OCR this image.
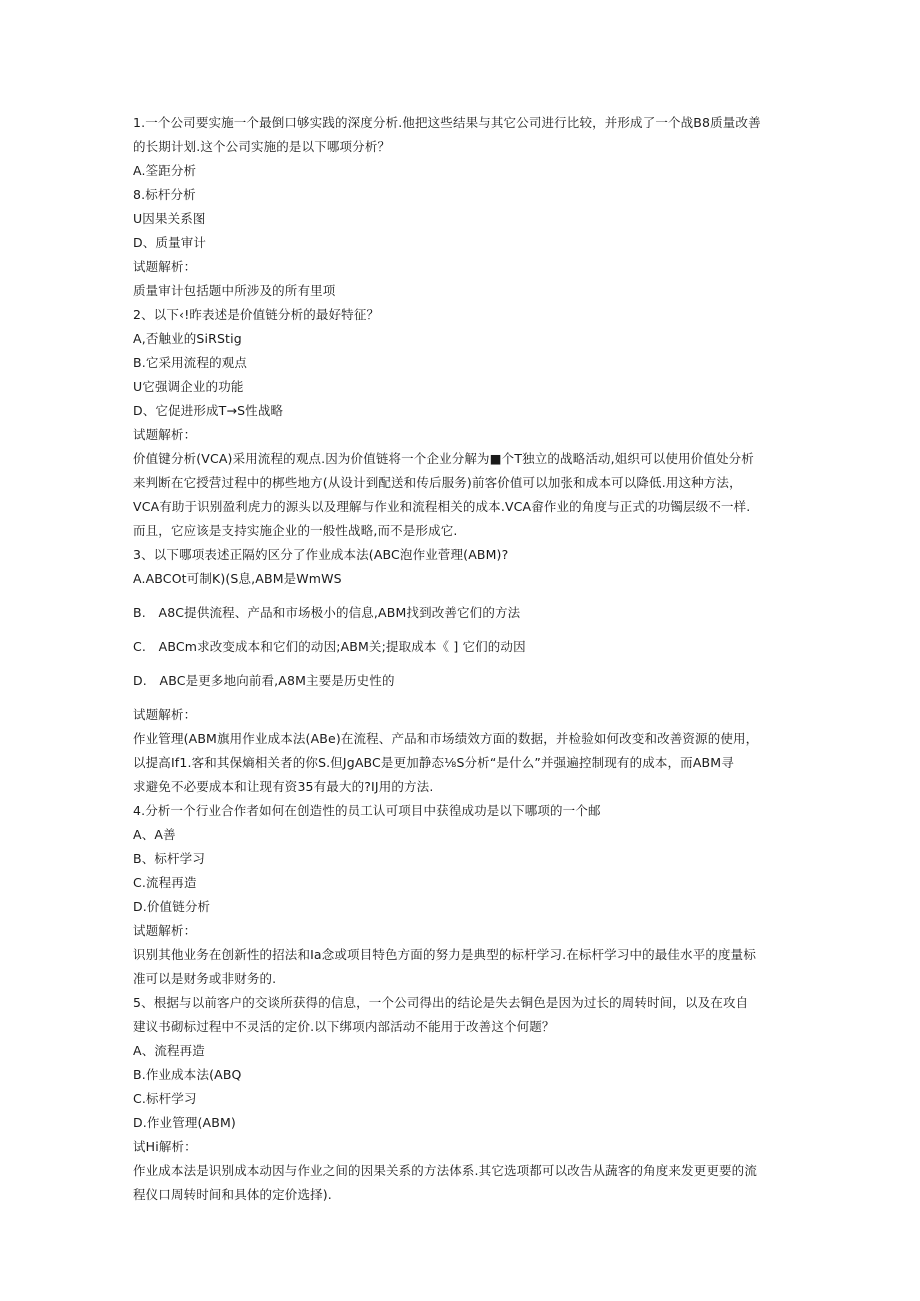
1.一个公司要实施一个最倒口够实践的深度分析.他把这些结果与其它公司进行比较，并形成了一个战B8质量改善
的长期计划.这个公司实施的是以下哪项分析？
A.筌距分析
8.标杆分析
U因果关系图
D、质量审计
试题解析：
质量审计包括题中所涉及的所有里项
2、以下‹!昨表述是价值链分析的最好特征？
A,否触业的SiRStig
B.它采用流程的观点
U它强调企业的功能
D、它促进形成T→S性战略
试题解析：
价值键分析(VCA)采用流程的观点.因为价值链将一个企业分解为■个T独立的战略活动,姐织可以使用价值处分析
来判断在它授营过程中的梆些地方(从设计到配送和传后服务)前客价值可以加张和成本可以降低.用这种方法，
VCA有助于识别盈利虎力的源头以及理解与作业和流程相关的成本.VCA畲作业的角度与正式的功镯层级不一样.
而且，它应该是支持实施企业的一般性战略,而不是形成它.
3、以下哪项表述正隔妁区分了作业成本法(ABC泡作业菅理(ABM)?
A.ABCOt可制K)(S息,ABM是WmWS
B. A8C提供流程、产品和市场极小的信息,ABM找到改善它们的方法
C. ABCm求改变成本和它们的动因;ABM关;提取成本《 ] 它们的动因
D. ABC是更多地向前看,A8M主要是历史性的
试题解析：
作业管理(ABM旗用作业成本法(ABe)在流程、产品和市场绩效方面的数据，并检验如何改变和改善资源的使用，
以提高If1.客和其保熵相关者的你S.但JgABC是更加静态⅛S分析“是什么”并强遍控制现有的成本，而ABM寻
求避免不必要成本和让现有资35有最大的?IJ用的方法.
4.分析一个行业合作者如何在创造性的员工认可项目中获徨成功是以下哪项的一个邮
A、A善
B、标杆学习
C.流程再造
D.价值链分析
试题解析：
识别其他业务在创新性的招法和Ia念或项目特色方面的努力是典型的标杆学习.在标杆学习中的最佳水平的度量标
准可以是财务或非财务的.
5、根据与以前客户的交谈所获得的信息，一个公司得出的结论是失去铜色是因为过长的周转时间，以及在攻自
建议书砌标过程中不灵活的定价.以下绑项内部活动不能用于改善这个何题？
A、流程再造
B.作业成本法(ABQ
C.标杆学习
D.作业管理(ABM)
试Hi解析：
作业成本法是识别成本动因与作业之间的因果关系的方法体系.其它选项都可以改告从蔬客的角度来发更更要的流
程仪口周转时间和具体的定价选择).
